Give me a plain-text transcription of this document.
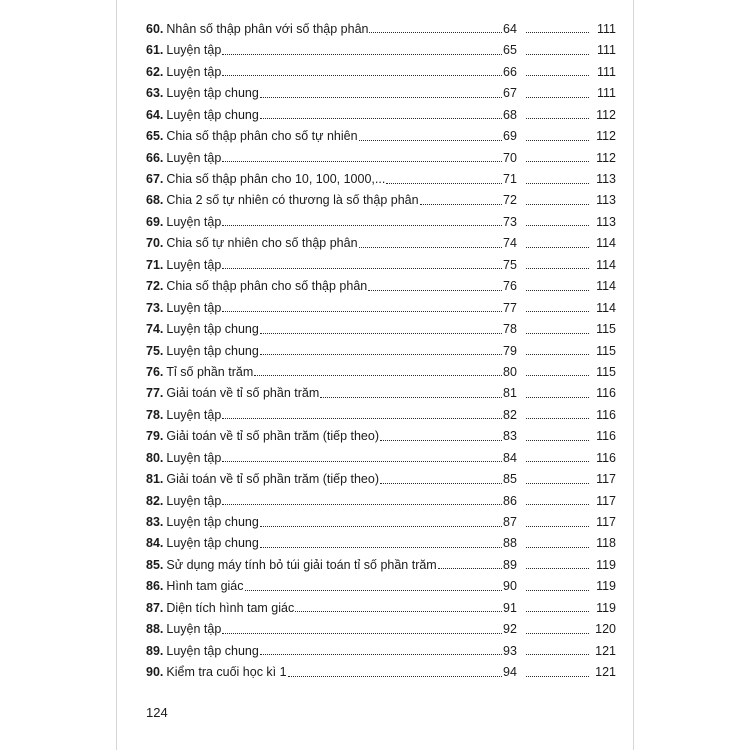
60. Nhân số thập phân với số thập phân	64	111
61. Luyện tập	65	111
62. Luyện tập	66	111
63. Luyện tập chung	67	111
64. Luyện tập chung	68	112
65. Chia số thập phân cho số tự nhiên	69	112
66. Luyện tập	70	112
67. Chia số thập phân cho 10, 100, 1000,...	71	113
68. Chia 2 số tự nhiên có thương là số thập phân	72	113
69. Luyện tập	73	113
70. Chia số tự nhiên cho số thập phân	74	114
71. Luyện tập	75	114
72. Chia số thập phân cho số thập phân	76	114
73. Luyện tập	77	114
74. Luyện tập chung	78	115
75. Luyện tập chung	79	115
76. Tỉ số phần trăm	80	115
77. Giải toán về tỉ số phần trăm	81	116
78. Luyện tập	82	116
79. Giải toán về tỉ số phần trăm (tiếp theo)	83	116
80. Luyện tập	84	116
81. Giải toán về tỉ số phần trăm (tiếp theo)	85	117
82. Luyện tập	86	117
83. Luyện tập chung	87	117
84. Luyện tập chung	88	118
85. Sử dụng máy tính bỏ túi giải toán tỉ số phần trăm	89	119
86. Hình tam giác	90	119
87. Diện tích hình tam giác	91	119
88. Luyện tập	92	120
89. Luyện tập chung	93	121
90. Kiểm tra cuối học kì 1	94	121
124
